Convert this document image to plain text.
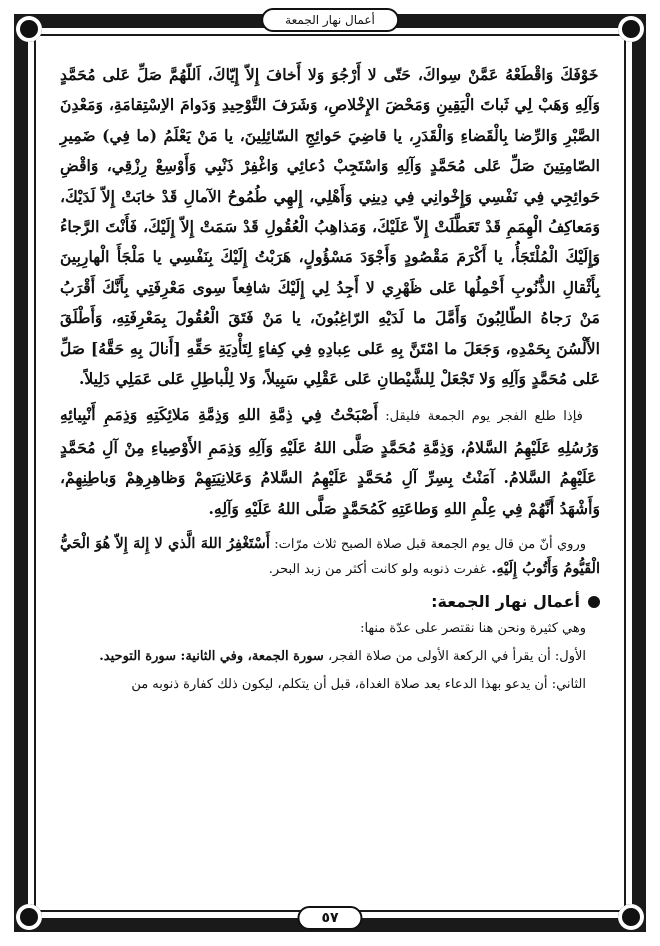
أعمال نهار الجمعة

خَوْفَكَ وَاقْطَعْهُ عَمَّنْ سِواكَ، حَتّى لا أَرْجُوَ وَلا أَخافَ إِلاّ إِيّاكَ، اَللّهُمَّ صَلِّ عَلى مُحَمَّدٍ وَآلِهِ وَهَبْ لِي ثَباتَ الْيَقِينِ وَمَحْضَ الإِخْلاصِ، وَشَرَفَ التَّوْحِيدِ وَدَوامَ الاِسْتِقامَةِ، وَمَعْدِنَ الصَّبْرِ وَالرِّضا بِالْقَضاءِ وَالْقَدَرِ، يا قاضِيَ حَوائِجِ السّائِلِينَ، يا مَنْ يَعْلَمُ (ما فِي) ضَمِيرِ الصّامِتِينَ صَلِّ عَلى مُحَمَّدٍ وَآلِهِ وَاسْتَجِبْ دُعائِي وَاغْفِرْ ذَنْبِي وَأَوْسِعْ رِزْقِي، وَاقْضِ حَوائِجِي فِي نَفْسِي وَإِخْوانِي فِي دِينِي وَأَهْلِي، إِلهِي طُمُوحُ الآمالِ قَدْ خابَتْ إِلاّ لَدَيْكَ، وَمَعاكِفُ الْهِمَمِ قَدْ تَعَطَّلَتْ إِلاّ عَلَيْكَ، وَمَذاهِبُ الْعُقُولِ قَدْ سَمَتْ إِلاّ إِلَيْكَ، فَأَنْتَ الرَّجاءُ وَإِلَيْكَ الْمُلْتَجَأُ، يا أَكْرَمَ مَقْصُودٍ وَأَجْوَدَ مَسْؤُولٍ، هَرَبْتُ إِلَيْكَ بِنَفْسِي يا مَلْجَأَ الْهارِبِينَ بِأَثْقالِ الذُّنُوبِ أَحْمِلُها عَلى ظَهْرِي لا أَجِدُ لِي إِلَيْكَ شافِعاً سِوى مَعْرِفَتِي بِأَنَّكَ أَقْرَبُ مَنْ رَجاهُ الطّالِبُونَ وَأَمَّلَ ما لَدَيْهِ الرّاغِبُونَ، يا مَنْ فَتَقَ الْعُقُولَ بِمَعْرِفَتِهِ، وَأَطْلَقَ الأَلْسُنَ بِحَمْدِهِ، وَجَعَلَ ما امْتَنَّ بِهِ عَلى عِبادِهِ فِي كِفاءٍ لِتَأْدِيَةِ حَقِّهِ [أَنالَ بِهِ حَقَّهُ] صَلِّ عَلى مُحَمَّدٍ وَآلِهِ وَلا تَجْعَلْ لِلشَّيْطانِ عَلى عَقْلِي سَبِيلاً، وَلا لِلْباطِلِ عَلى عَمَلِي دَلِيلاً.

فإذا طلع الفجر يوم الجمعة فليقل: أَصْبَحْتُ فِي ذِمَّةِ اللهِ وَذِمَّةِ مَلائِكَتِهِ وَذِمَمِ أَنْبِيائِهِ وَرُسُلِهِ عَلَيْهِمُ السَّلامُ، وَذِمَّةِ مُحَمَّدٍ صَلَّى اللهُ عَلَيْهِ وَآلِهِ وَذِمَمِ الأَوْصِياءِ مِنْ آلِ مُحَمَّدٍ عَلَيْهِمُ السَّلامُ. آمَنْتُ بِسِرِّ آلِ مُحَمَّدٍ عَلَيْهِمُ السَّلامُ وَعَلانِيَتِهِمْ وَظاهِرِهِمْ وَباطِنِهِمْ، وَأَشْهَدُ أَنَّهُمْ فِي عِلْمِ اللهِ وَطاعَتِهِ كَمُحَمَّدٍ صَلَّى اللهُ عَلَيْهِ وَآلِهِ.

وروي أنّ من قال يوم الجمعة قبل صلاة الصبح ثلاث مرّات: أَسْتَغْفِرُ اللهَ الَّذي لا إِلهَ إِلاّ هُوَ الْحَيُّ الْقَيُّومُ وَأَتُوبُ إِلَيْهِ. غفرت ذنوبه ولو كانت أكثر من زبد البحر.

أعمال نهار الجمعة:

وهي كثيرة ونحن هنا نقتصر على عدّة منها:

الأول: أن يقرأ في الركعة الأولى من صلاة الفجر، سورة الجمعة، وفي الثانية: سورة التوحيد.

الثاني: أن يدعو بهذا الدعاء بعد صلاة الغداة، قبل أن يتكلم، ليكون ذلك كفارة ذنوبه من

٥٧
